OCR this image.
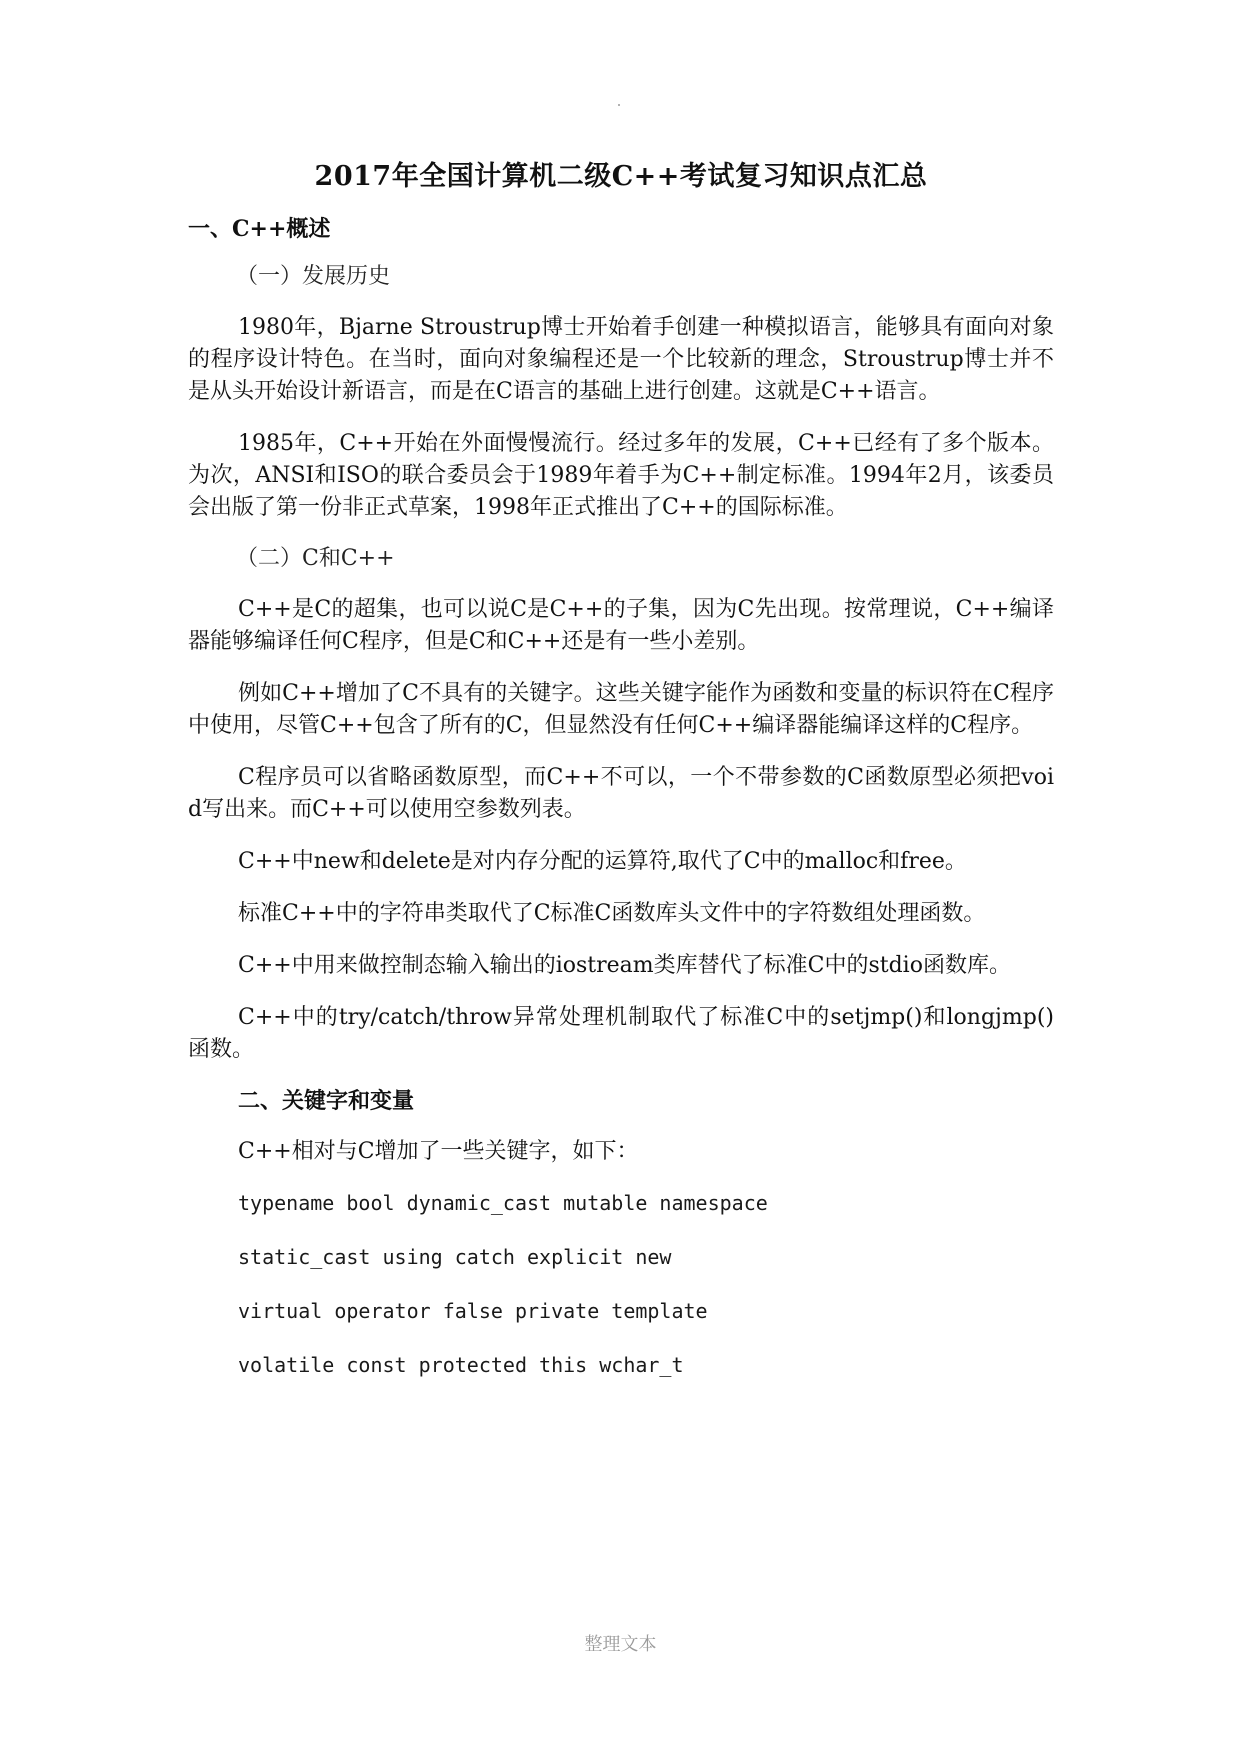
2017年全国计算机二级C++考试复习知识点汇总
一、C++概述
（一）发展历史

1980年，Bjarne Stroustrup博士开始着手创建一种模拟语言，能够具有面向对象的程序设计特色。在当时，面向对象编程还是一个比较新的理念，Stroustrup博士并不是从头开始设计新语言，而是在C语言的基础上进行创建。这就是C++语言。

1985年，C++开始在外面慢慢流行。经过多年的发展，C++已经有了多个版本。为次，ANSI和ISO的联合委员会于1989年着手为C++制定标准。1994年2月，该委员会出版了第一份非正式草案，1998年正式推出了C++的国际标准。

（二）C和C++

C++是C的超集，也可以说C是C++的子集，因为C先出现。按常理说，C++编译器能够编译任何C程序，但是C和C++还是有一些小差别。

例如C++增加了C不具有的关键字。这些关键字能作为函数和变量的标识符在C程序中使用，尽管C++包含了所有的C，但显然没有任何C++编译器能编译这样的C程序。

C程序员可以省略函数原型，而C++不可以，一个不带参数的C函数原型必须把void写出来。而C++可以使用空参数列表。

C++中new和delete是对内存分配的运算符,取代了C中的malloc和free。

标准C++中的字符串类取代了C标准C函数库头文件中的字符数组处理函数。

C++中用来做控制态输入输出的iostream类库替代了标准C中的stdio函数库。

C++中的try/catch/throw异常处理机制取代了标准C中的setjmp()和longjmp()函数。

二、关键字和变量

C++相对与C增加了一些关键字，如下：

typename bool dynamic_cast mutable namespace
static_cast using catch explicit new
virtual operator false private template
volatile const protected this wchar_t
整理文本
